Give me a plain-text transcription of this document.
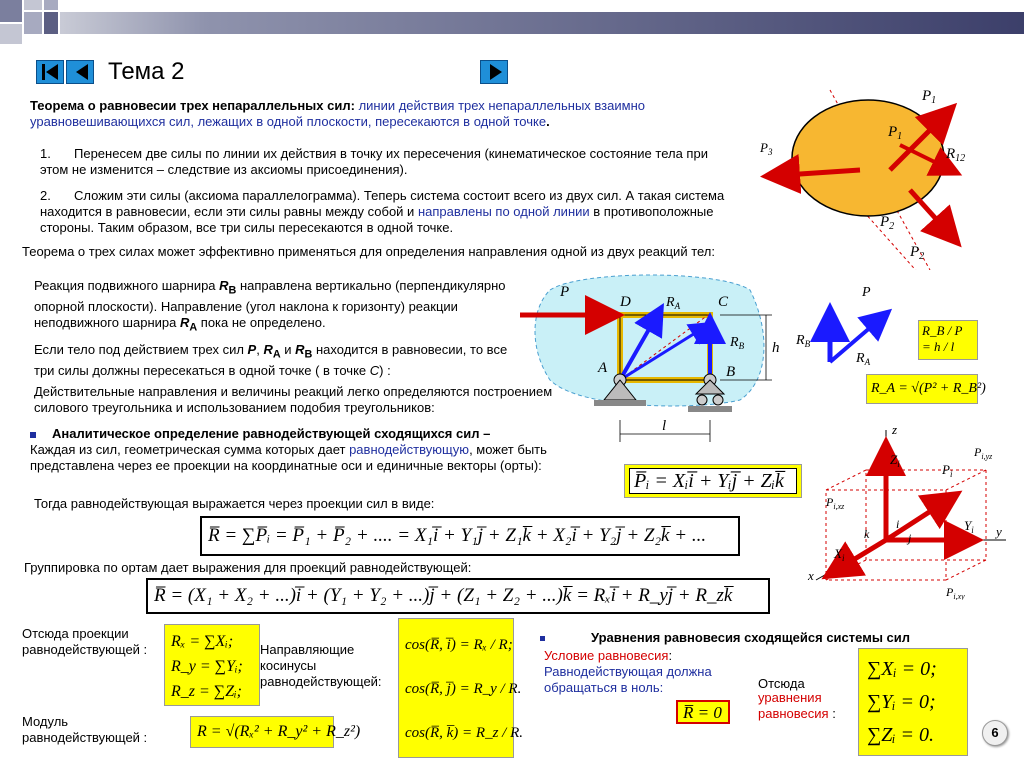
Тема 2
Теорема о равновесии трех непараллельных сил: линии действия трех непараллельных взаимно уравновешивающихся сил, лежащих в одной плоскости, пересекаются в одной точке.
1. Перенесем две силы по линии их действия в точку их пересечения (кинематическое состояние тела при этом не изменится – следствие из аксиомы присоединения).
2. Сложим эти силы (аксиома параллелограмма). Теперь система состоит всего из двух сил. А такая система находится в равновесии, если эти силы равны между собой и направлены по одной линии в противоположные стороны. Таким образом, все три силы пересекаются в одной точке.
Теорема о трех силах может эффективно применяться для определения направления одной из двух реакций тел:
Реакция подвижного шарнира $R_B$ направлена вертикально (перпендикулярно опорной плоскости). Направление (угол наклона к горизонту) реакции неподвижного шарнира $R_A$ пока не определено.
Если тело под действием трех сил P, $R_A$ и $R_B$ находится в равновесии, то все три силы должны пересекаться в одной точке ( в точке C) :
Действительные направления и величины реакций легко определяются построением силового треугольника и использованием подобия треугольников:
Аналитическое определение равнодействующей сходящихся сил –
Каждая из сил, геометрическая сумма которых дает равнодействующую, может быть представлена через ее проекции на координатные оси и единичные векторы (орты):
P̅ᵢ = Xᵢi̅ + Yᵢj̅ + Zᵢk̅
Тогда равнодействующая выражается через проекции сил в виде:
R̅ = ∑P̅ᵢ = P̅₁ + P̅₂ + .... = X₁i̅ + Y₁j̅ + Z₁k̅ + X₂i̅ + Y₂j̅ + Z₂k̅ + ...
Группировка по ортам дает выражения для проекций равнодействующей:
R̅ = (X₁ + X₂ + ...)i̅ + (Y₁ + Y₂ + ...)j̅ + (Z₁ + Z₂ + ...)k̅ = Rₓi̅ + R_yj̅ + R_zk̅
Отсюда проекции равнодействующей :	Rₓ = ∑Xᵢ;
R_y = ∑Yᵢ;
R_z = ∑Zᵢ;
Направляющие косинусы равнодействующей:
cos(R̅, i̅) = Rₓ / R;
cos(R̅, j̅) = R_y / R.
cos(R̅, k̅) = R_z / R.
Модуль равнодействующей :	R = √(Rₓ² + R_y² + R_z²)
Уравнения равновесия сходящейся системы сил
Условие равновесия:
Равнодействующая должна обращаться в ноль:
R̅ = 0
Отсюда
уравнения равновесия :
∑Xᵢ = 0;
∑Yᵢ = 0;
∑Zᵢ = 0.	6
$P_1$
$P_1$
$P_3$	$R_{12}$
$P_2$
$P_2$
P
D	$R_A$	C
$R_B$ h
A	B
l
P
$R_B$
$R_A$
R_B / P = h / l
R_A = √(P² + R_B²)
z
$Z_i$	$P_i$
$P_{i,yz}$
$P_{i,xz}$
k
i
j
$Y_i$ y
$X_i$
x
$P_{i,xy}$
